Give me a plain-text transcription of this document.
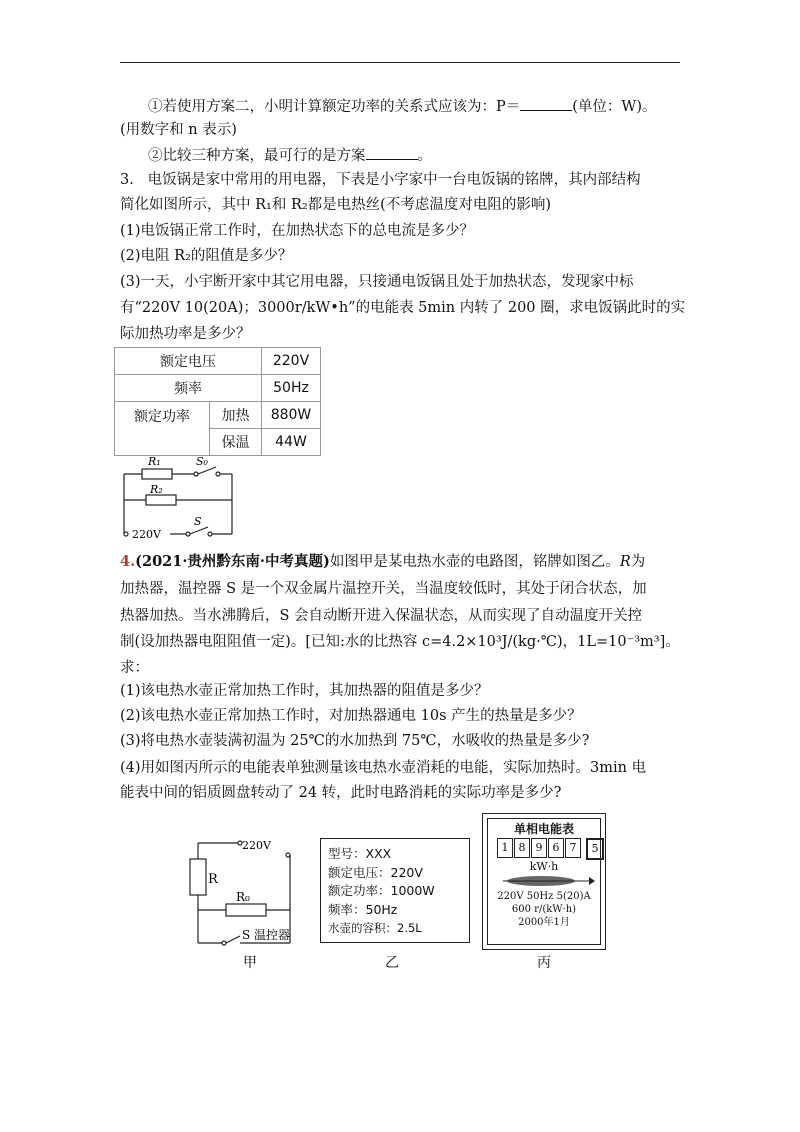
①若使用方案二，小明计算额定功率的关系式应该为：P＝	(单位：W)。
(用数字和 n 表示)
②比较三种方案，最可行的是方案	。
3. 电饭锅是家中常用的用电器，下表是小字家中一台电饭锅的铭牌，其内部结构
简化如图所示，其中 R₁和 R₂都是电热丝(不考虑温度对电阻的影响)
(1)电饭锅正常工作时，在加热状态下的总电流是多少？
(2)电阻 R₂的阻值是多少？
(3)一天，小宇断开家中其它用电器，只接通电饭锅且处于加热状态，发现家中标
有“220V 10(20A)；3000r/kW•h”的电能表 5min 内转了 200 圈，求电饭锅此时的实
际加热功率是多少？
额定电压		220V
频率		50Hz
额定功率	加热	880W
	保温	44W
R₁	S₀
R₂
220V
S
4.(2021·贵州黔东南·中考真题)如图甲是某电热水壶的电路图，铭牌如图乙。R为
加热器，温控器 S 是一个双金属片温控开关，当温度较低时，其处于闭合状态，加
热器加热。当水沸腾后，S 会自动断开进入保温状态，从而实现了自动温度开关控
制(设加热器电阻阻值一定)。[已知:水的比热容 c=4.2×10³J/(kg·℃)，1L=10⁻³m³]。
求：
(1)该电热水壶正常加热工作时，其加热器的阻值是多少？
(2)该电热水壶正常加热工作时，对加热器通电 10s 产生的热量是多少？
(3)将电热水壶装满初温为 25℃的水加热到 75℃，水吸收的热量是多少?
(4)用如图丙所示的电能表单独测量该电热水壶消耗的电能，实际加热时。3min 电
能表中间的铝质圆盘转动了 24 转，此时电路消耗的实际功率是多少?
220V
R
R₀
S 温控器
甲
型号：XXX
额定电压：220V
额定功率：1000W
频率：50Hz
水壶的容积：2.5L
乙
单相电能表
1 8 9 6 7	5
kW·h
220V 50Hz 5(20)A
600 r/(kW·h)
2000年1月
丙
